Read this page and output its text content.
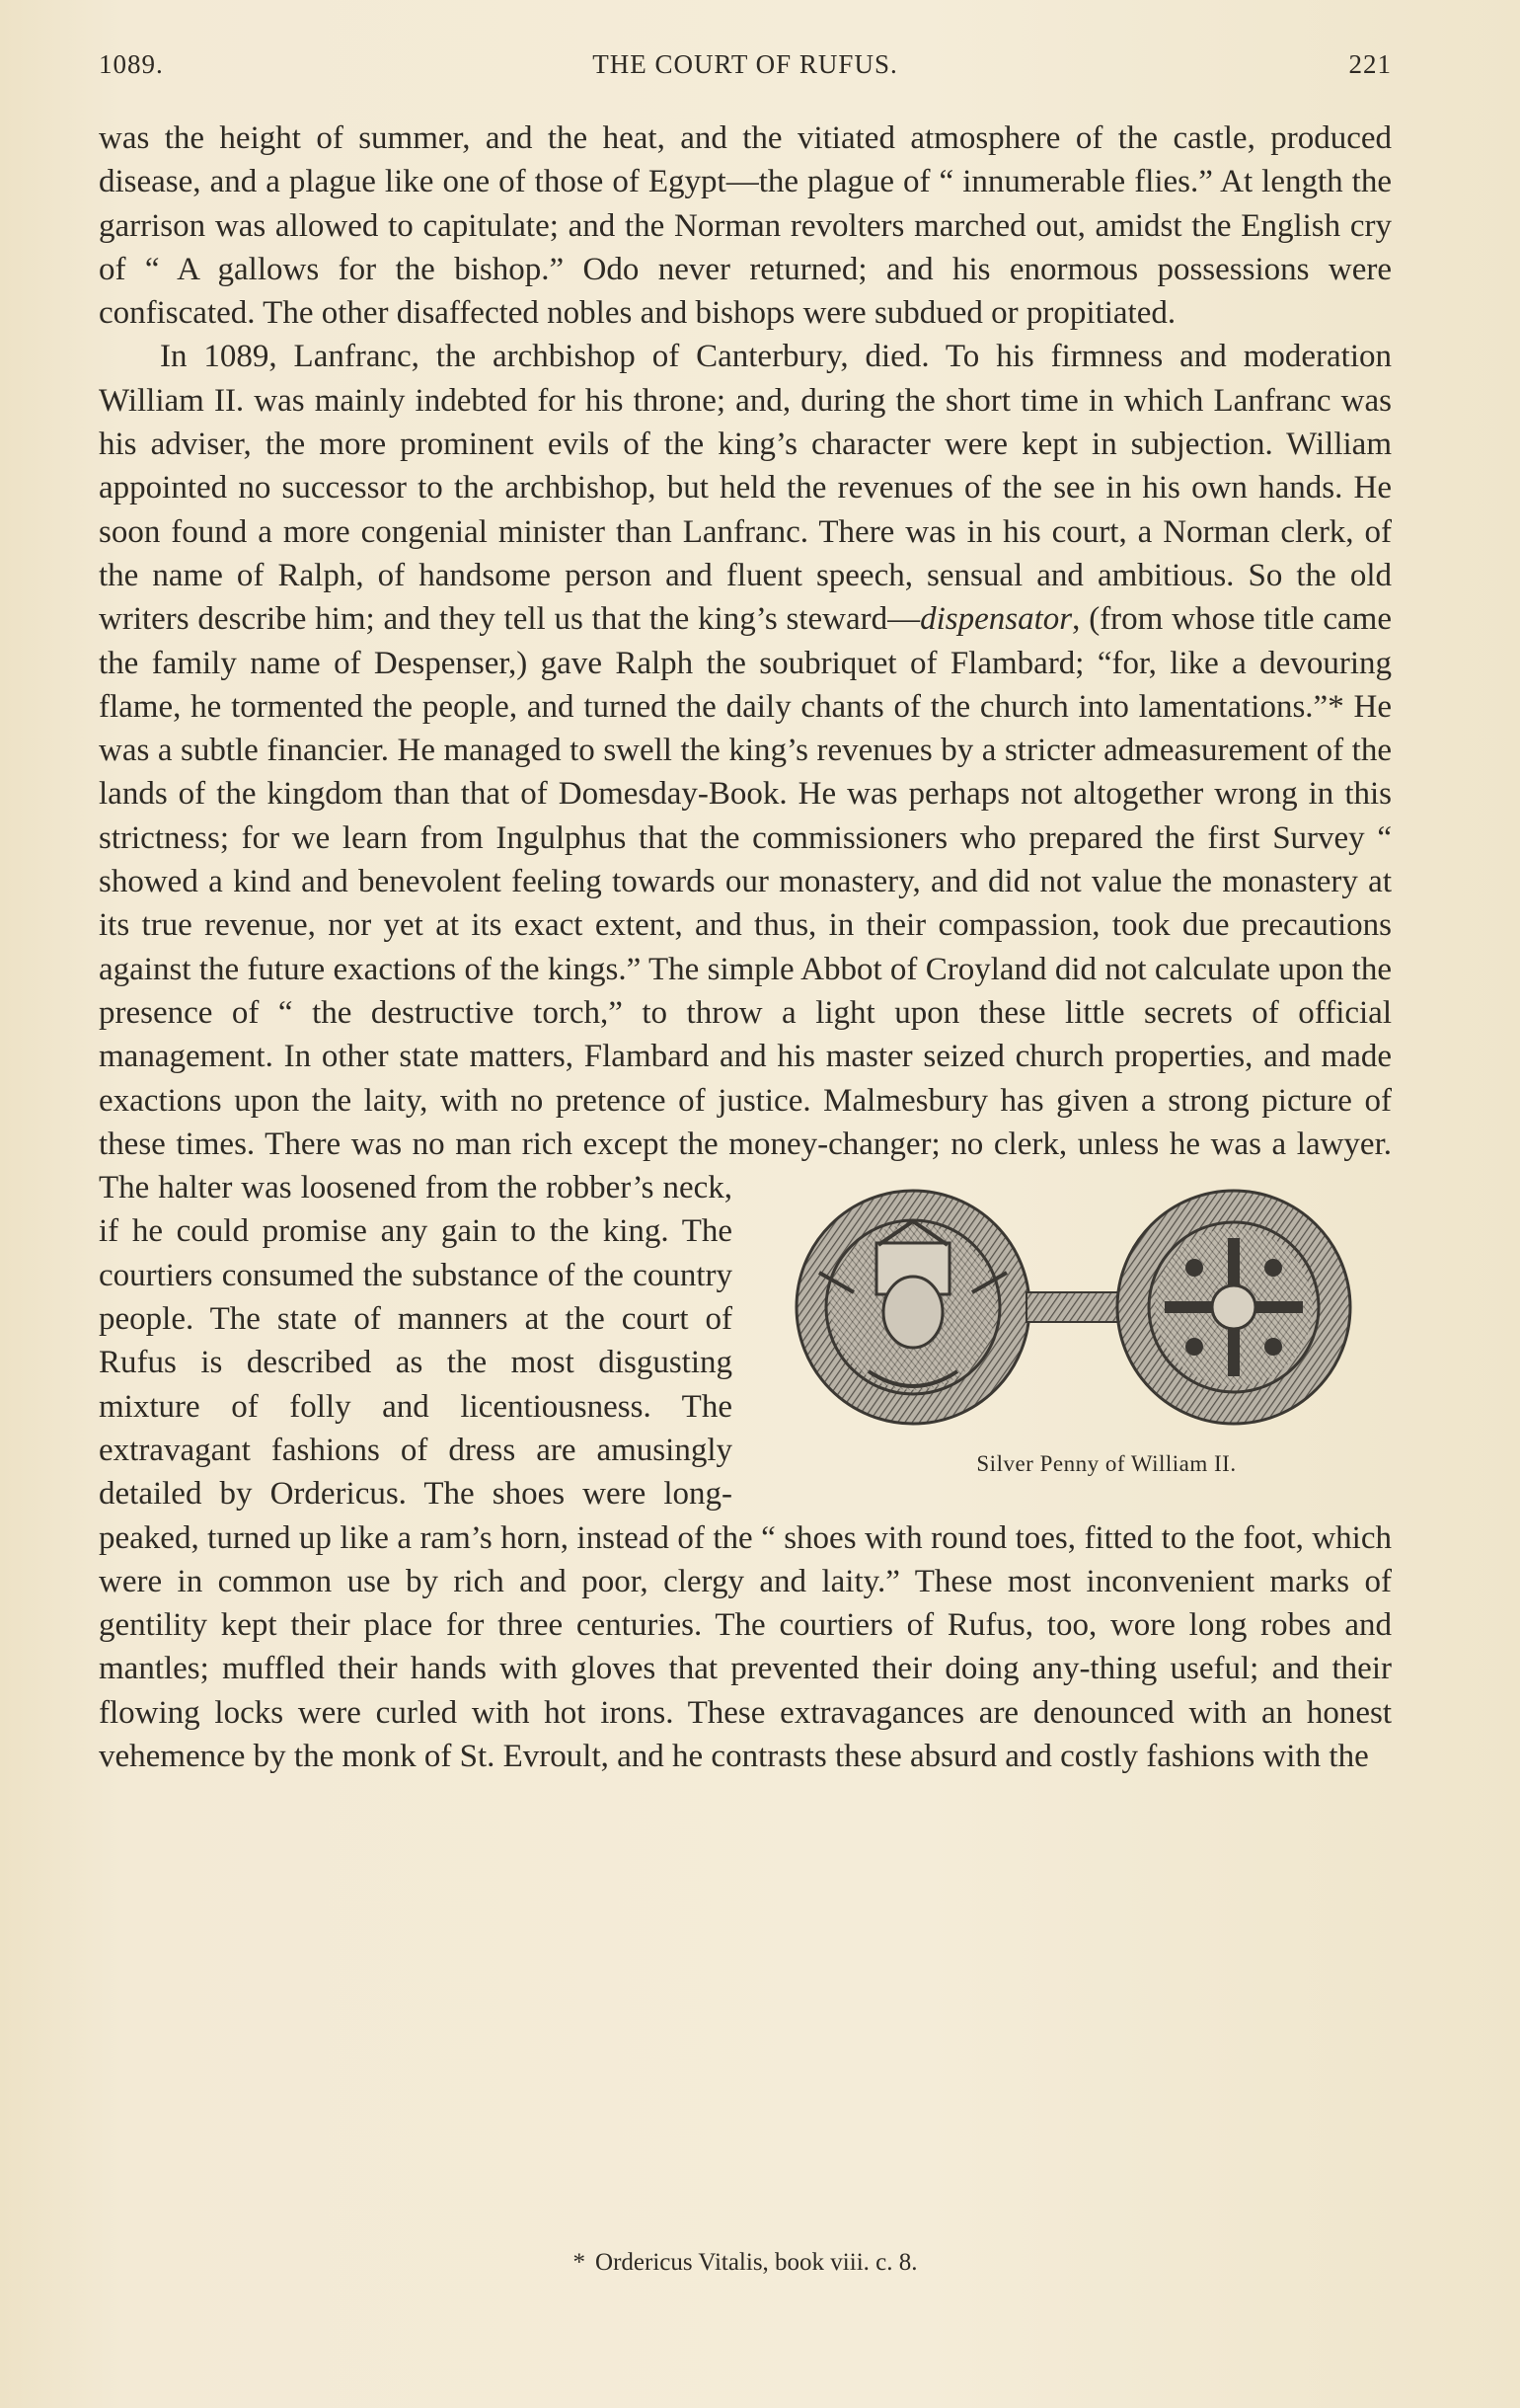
1089.	THE COURT OF RUFUS.	221

was the height of summer, and the heat, and the vitiated atmosphere of the castle, produced disease, and a plague like one of those of Egypt—the plague of “ innumerable flies.” At length the garrison was allowed to capitulate; and the Norman revolters marched out, amidst the English cry of “ A gallows for the bishop.” Odo never returned; and his enormous possessions were confiscated. The other disaffected nobles and bishops were subdued or propitiated.

In 1089, Lanfranc, the archbishop of Canterbury, died. To his firmness and moderation William II. was mainly indebted for his throne; and, during the short time in which Lanfranc was his adviser, the more prominent evils of the king’s character were kept in subjection. William appointed no successor to the archbishop, but held the revenues of the see in his own hands. He soon found a more congenial minister than Lanfranc. There was in his court, a Norman clerk, of the name of Ralph, of handsome person and fluent speech, sensual and ambitious. So the old writers describe him; and they tell us that the king’s steward—dispensator, (from whose title came the family name of Despenser,) gave Ralph the soubriquet of Flambard; “for, like a devouring flame, he tormented the people, and turned the daily chants of the church into lamentations.”* He was a subtle financier. He managed to swell the king’s revenues by a stricter admeasurement of the lands of the kingdom than that of Domesday-Book. He was perhaps not altogether wrong in this strictness; for we learn from Ingulphus that the commissioners who prepared the first Survey “ showed a kind and benevolent feeling towards our monastery, and did not value the monastery at its true revenue, nor yet at its exact extent, and thus, in their compassion, took due precautions against the future exactions of the kings.” The simple Abbot of Croyland did not calculate upon the presence of “ the destructive torch,” to throw a light upon these little secrets of official management. In other state matters, Flambard and his master seized church properties, and made exactions upon the laity, with no pretence of justice. Malmesbury has given a strong picture of these times. There was no man rich except the money-changer; no clerk, unless he was a lawyer.
Silver Penny of William II.
The halter was loosened from the robber’s neck, if he could promise any gain to the king. The courtiers consumed the substance of the country people. The state of manners at the court of Rufus is described as the most disgusting mixture of folly and licentiousness. The extravagant fashions of dress are amusingly detailed by Ordericus. The shoes were long-peaked, turned up like a ram’s horn, instead of the “ shoes with round toes, fitted to the foot, which were in common use by rich and poor, clergy and laity.” These most inconvenient marks of gentility kept their place for three centuries. The courtiers of Rufus, too, wore long robes and mantles; muffled their hands with gloves that prevented their doing any-thing useful; and their flowing locks were curled with hot irons. These extravagances are denounced with an honest vehemence by the monk of St. Evroult, and he contrasts these absurd and costly fashions with the

* Ordericus Vitalis, book viii. c. 8.
